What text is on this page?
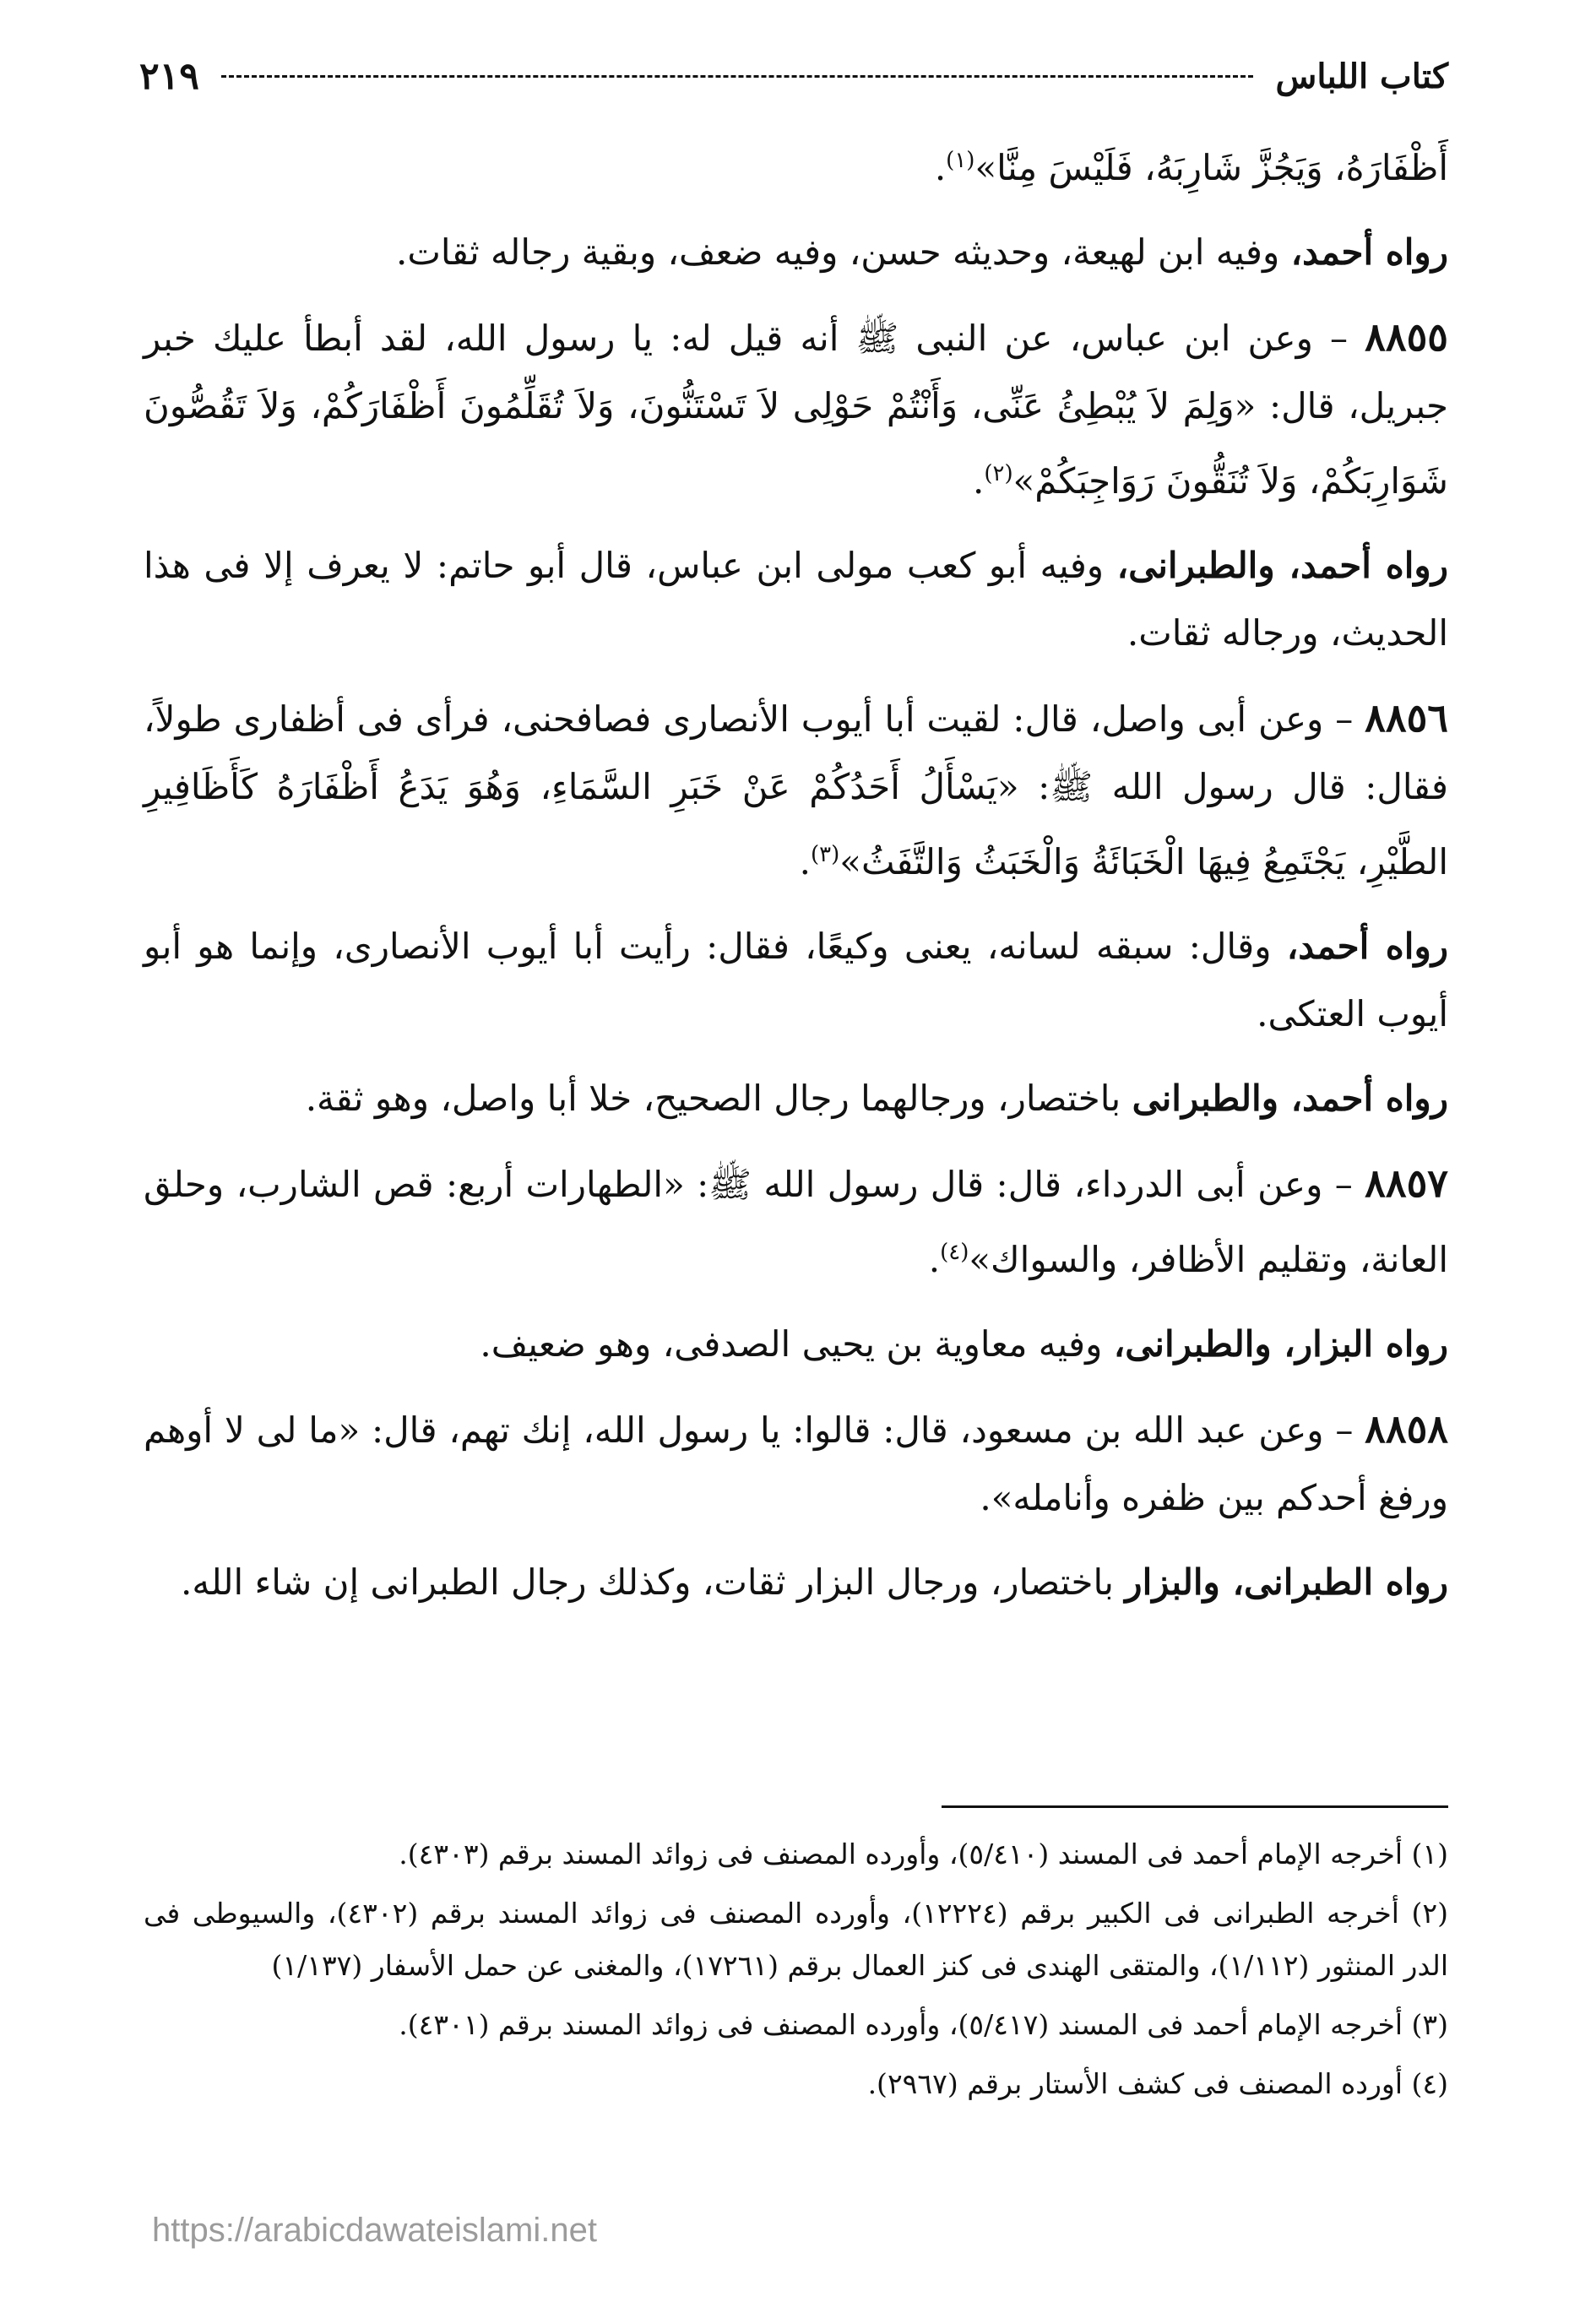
كتاب اللباس
٢١٩

أَظْفَارَهُ، وَيَجُزَّ شَارِبَهُ، فَلَيْسَ مِنَّا»$^{(١)}$.

رواه أحمد، وفيه ابن لهيعة، وحديثه حسن، وفيه ضعف، وبقية رجاله ثقات.

٨٨٥٥ – وعن ابن عباس، عن النبى ﷺ أنه قيل له: يا رسول الله، لقد أبطأ عليك خبر جبريل، قال: «وَلِمَ لاَ يُبْطِئُ عَنِّى، وَأَنْتُمْ حَوْلِى لاَ تَسْتَنُّونَ، وَلاَ تُقَلِّمُونَ أَظْفَارَكُمْ، وَلاَ تَقُصُّونَ شَوَارِبَكُمْ، وَلاَ تُنَقُّونَ رَوَاجِبَكُمْ»$^{(٢)}$.

رواه أحمد، والطبرانى، وفيه أبو كعب مولى ابن عباس، قال أبو حاتم: لا يعرف إلا فى هذا الحديث، ورجاله ثقات.

٨٨٥٦ – وعن أبى واصل، قال: لقيت أبا أيوب الأنصارى فصافحنى، فرأى فى أظفارى طولاً، فقال: قال رسول الله ﷺ: «يَسْأَلُ أَحَدُكُمْ عَنْ خَبَرِ السَّمَاءِ، وَهُوَ يَدَعُ أَظْفَارَهُ كَأَظَافِيرِ الطَّيْرِ، يَجْتَمِعُ فِيهَا الْخَبَائَةُ وَالْخَبَثُ وَالتَّفَثُ»$^{(٣)}$.

رواه أحمد، وقال: سبقه لسانه، يعنى وكيعًا، فقال: رأيت أبا أيوب الأنصارى، وإنما هو أبو أيوب العتكى.

رواه أحمد، والطبرانى باختصار، ورجالهما رجال الصحيح، خلا أبا واصل، وهو ثقة.

٨٨٥٧ – وعن أبى الدرداء، قال: قال رسول الله ﷺ: «الطهارات أربع: قص الشارب، وحلق العانة، وتقليم الأظافر، والسواك»$^{(٤)}$.

رواه البزار، والطبرانى، وفيه معاوية بن يحيى الصدفى، وهو ضعيف.

٨٨٥٨ – وعن عبد الله بن مسعود، قال: قالوا: يا رسول الله، إنك تهم، قال: «ما لى لا أوهم ورفغ أحدكم بين ظفره وأنامله».

رواه الطبرانى، والبزار باختصار، ورجال البزار ثقات، وكذلك رجال الطبرانى إن شاء الله.

(١) أخرجه الإمام أحمد فى المسند (٥/٤١٠)، وأورده المصنف فى زوائد المسند برقم (٤٣٠٣).

(٢) أخرجه الطبرانى فى الكبير برقم (١٢٢٢٤)، وأورده المصنف فى زوائد المسند برقم (٤٣٠٢)، والسيوطى فى الدر المنثور (١/١١٢)، والمتقى الهندى فى كنز العمال برقم (١٧٢٦١)، والمغنى عن حمل الأسفار (١/١٣٧)

(٣) أخرجه الإمام أحمد فى المسند (٥/٤١٧)، وأورده المصنف فى زوائد المسند برقم (٤٣٠١).

(٤) أورده المصنف فى كشف الأستار برقم (٢٩٦٧).

https://arabicdawateislami.net
